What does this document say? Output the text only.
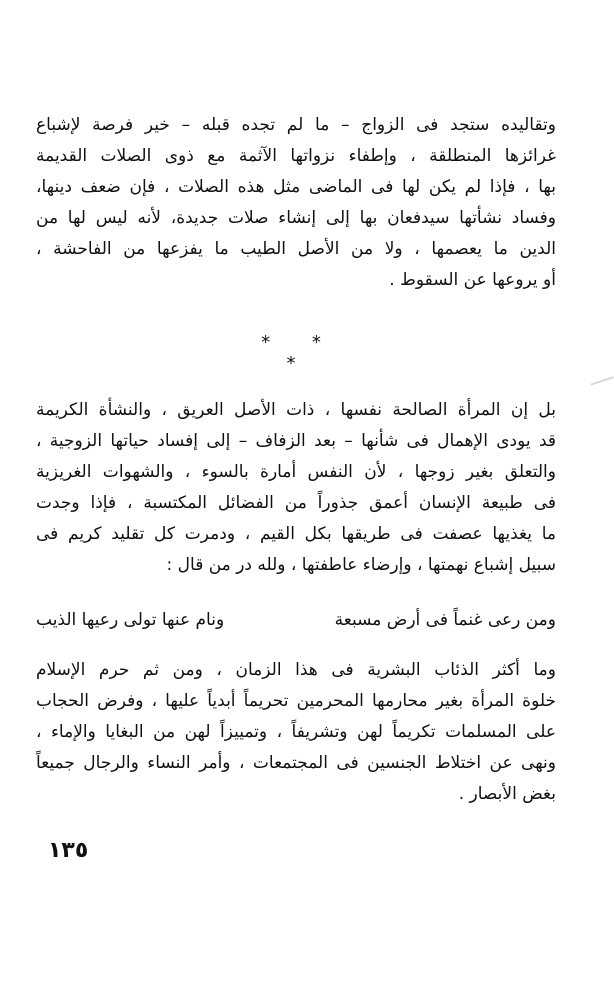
وتقاليده ستجد فى الزواج – ما لم تجده قبله – خير فرصة لإشباع
غرائزها المنطلقة ، وإطفاء نزواتها الآثمة مع ذوى الصلات القديمة
بها ، فإذا لم يكن لها فى الماضى مثل هذه الصلات ، فإن ضعف دينها،
وفساد نشأتها سيدفعان بها إلى إنشاء صلات جديدة، لأنه ليس لها من
الدين ما يعصمها ، ولا من الأصل الطيب ما يفزعها من الفاحشة ،
أو يروعها عن السقوط .
* * *
بل إن المرأة الصالحة نفسها ، ذات الأصل العريق ، والنشأة الكريمة
قد يودى الإهمال فى شأنها – بعد الزفاف – إلى إفساد حياتها الزوجية ،
والتعلق بغير زوجها ، لأن النفس أمارة بالسوء ، والشهوات الغريزية
فى طبيعة الإنسان أعمق جذوراً من الفضائل المكتسبة ، فإذا وجدت
ما يغذيها عصفت فى طريقها بكل القيم ، ودمرت كل تقليد كريم فى
سبيل إشباع نهمتها ، وإرضاء عاطفتها ، ولله در من قال :
ومن رعى غنماً فى أرض مسبعة
ونام عنها تولى رعيها الذيب
وما أكثر الذئاب البشرية فى هذا الزمان ، ومن ثم حرم الإسلام
خلوة المرأة بغير محارمها المحرمين تحريماً أبدياً عليها ، وفرض الحجاب
على المسلمات تكريماً لهن وتشريفاً ، وتمييزاً لهن من البغايا والإماء ،
ونهى عن اختلاط الجنسين فى المجتمعات ، وأمر النساء والرجال جميعاً
بغض الأبصار .
١٣٥
